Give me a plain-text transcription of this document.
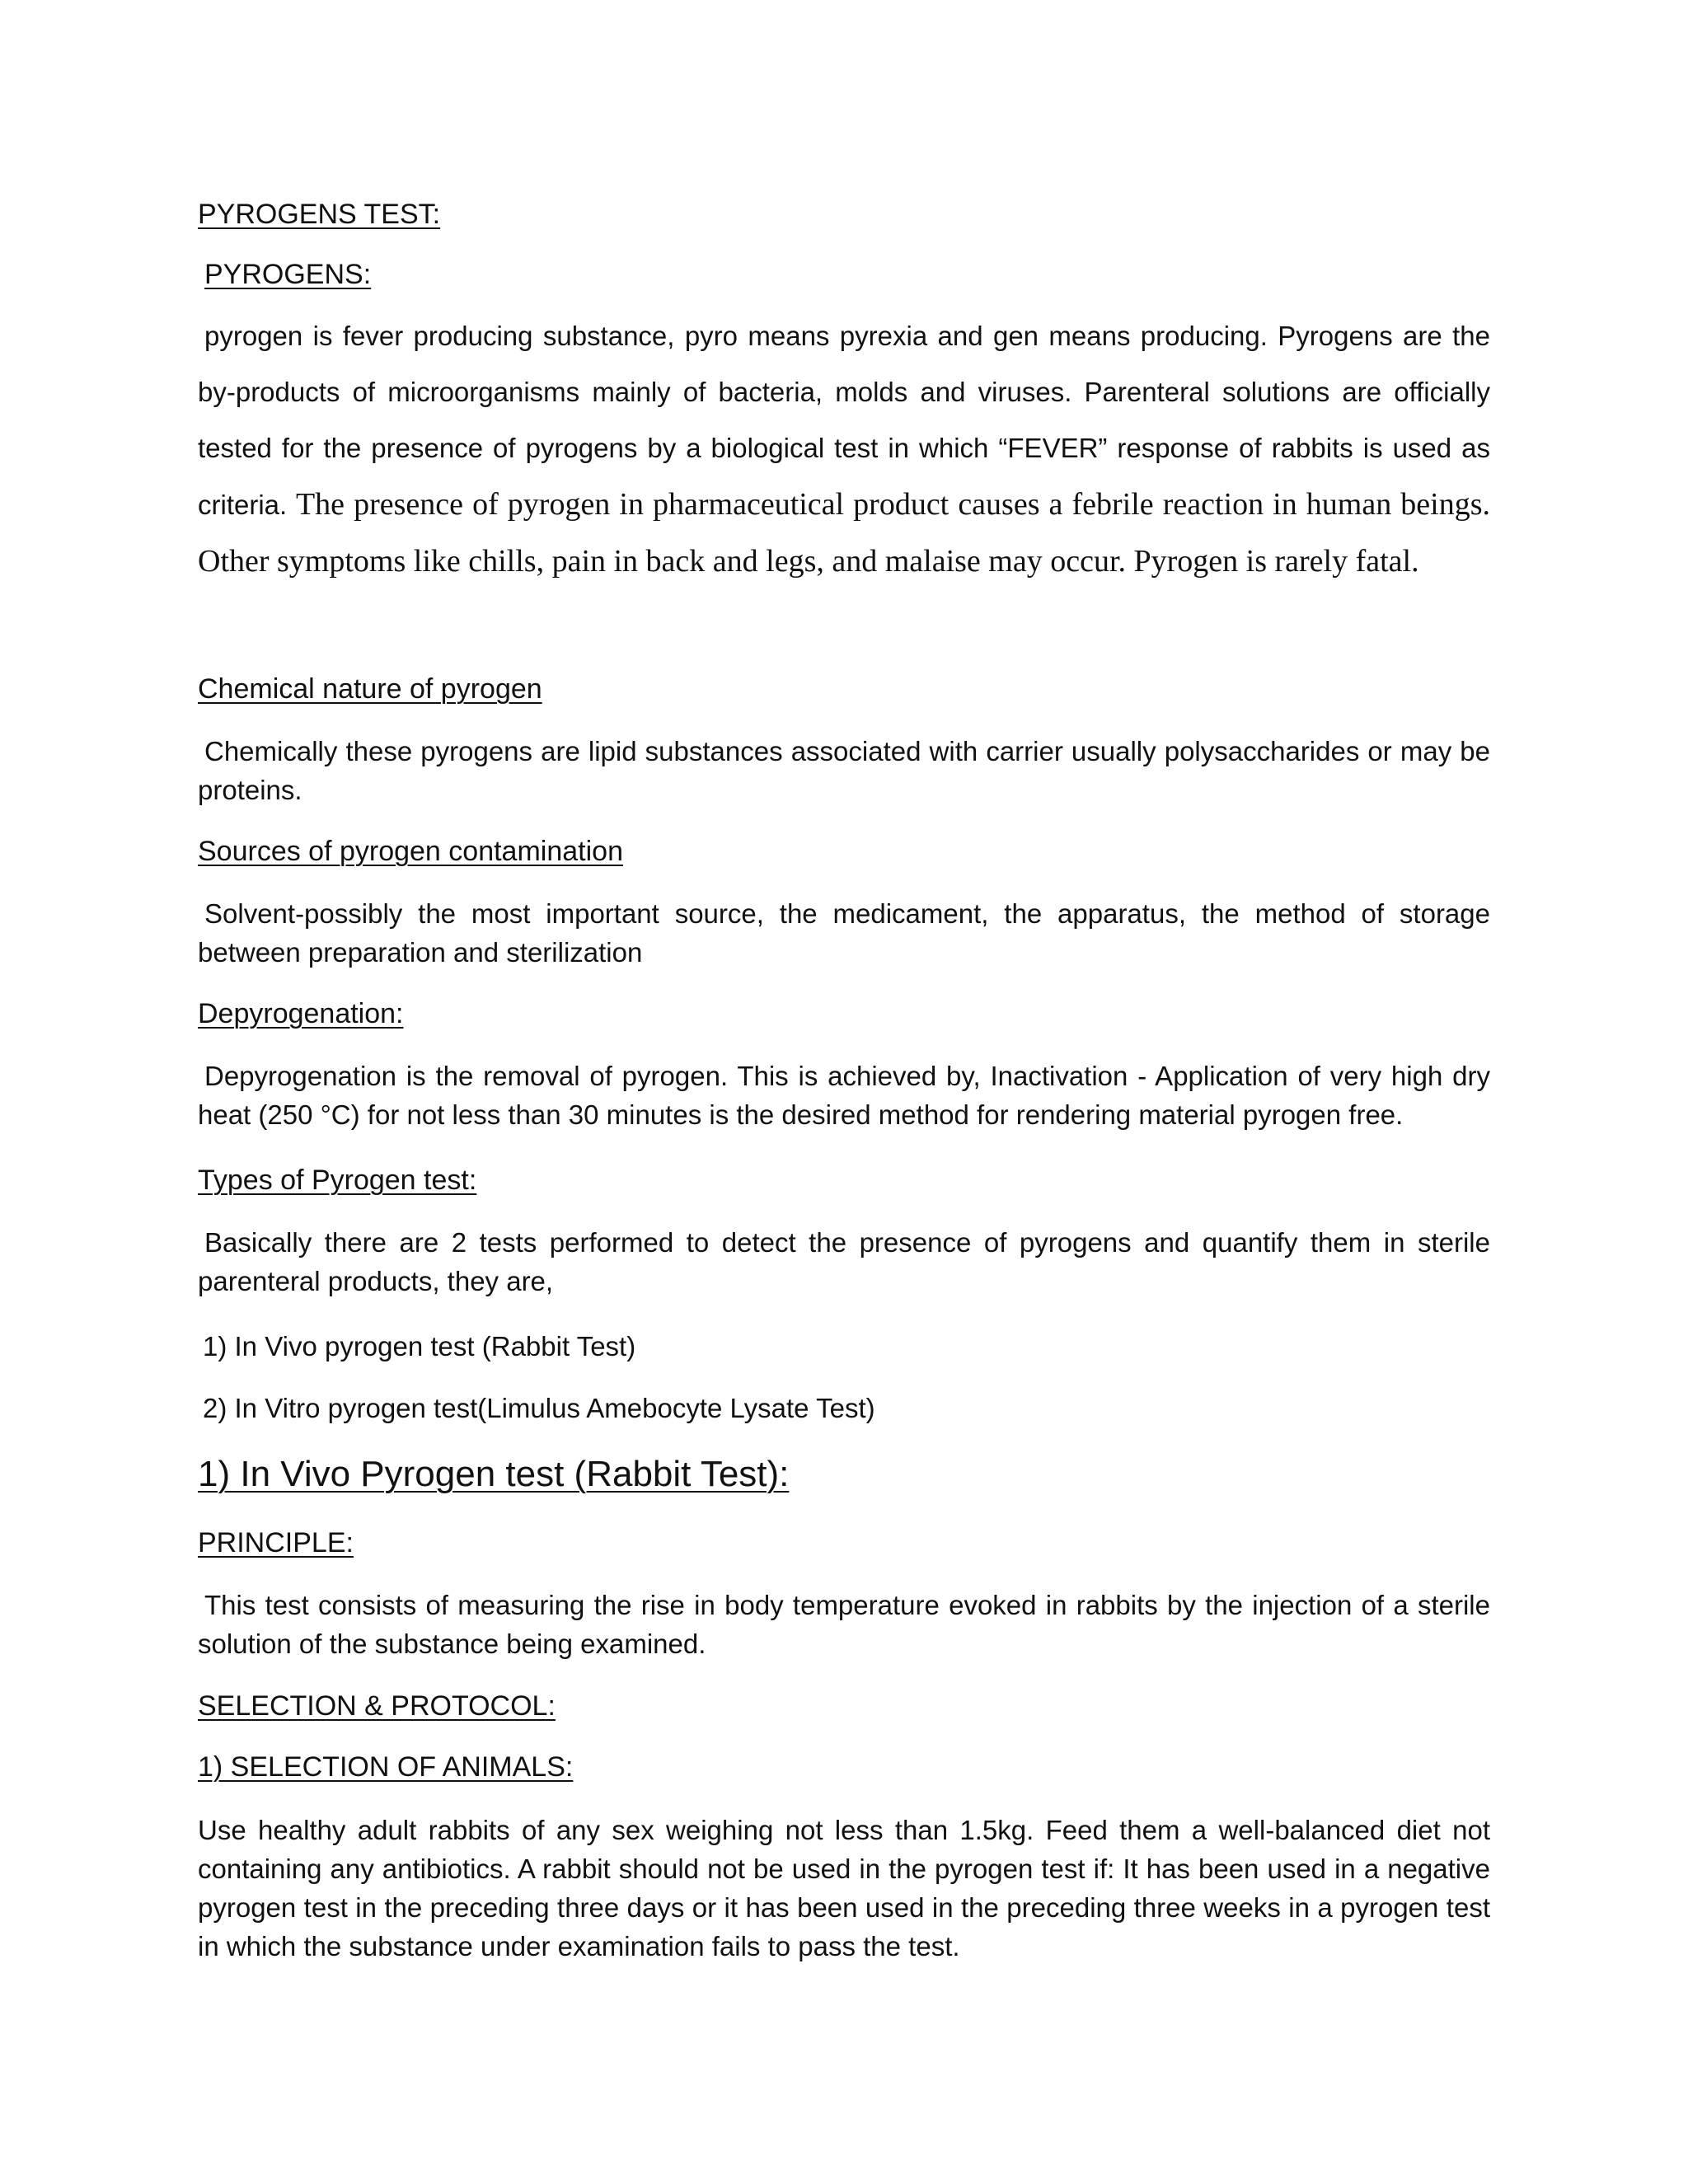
PYROGENS TEST:
PYROGENS:

pyrogen is fever producing substance, pyro means pyrexia and gen means producing. Pyrogens are the by-products of microorganisms mainly of bacteria, molds and viruses. Parenteral solutions are officially tested for the presence of pyrogens by a biological test in which “FEVER” response of rabbits is used as criteria. The presence of pyrogen in pharmaceutical product causes a febrile reaction in human beings. Other symptoms like chills, pain in back and legs, and malaise may occur. Pyrogen is rarely fatal.

Chemical nature of pyrogen

Chemically these pyrogens are lipid substances associated with carrier usually polysaccharides or may be proteins.

Sources of pyrogen contamination

Solvent-possibly the most important source, the medicament, the apparatus, the method of storage between preparation and sterilization

Depyrogenation:

Depyrogenation is the removal of pyrogen. This is achieved by, Inactivation - Application of very high dry heat (250 °C) for not less than 30 minutes is the desired method for rendering material pyrogen free.

Types of Pyrogen test:

Basically there are 2 tests performed to detect the presence of pyrogens and quantify them in sterile parenteral products, they are,

1) In Vivo pyrogen test (Rabbit Test)
2) In Vitro pyrogen test(Limulus Amebocyte Lysate Test)
1) In Vivo Pyrogen test (Rabbit Test):
PRINCIPLE:

This test consists of measuring the rise in body temperature evoked in rabbits by the injection of a sterile solution of the substance being examined.

SELECTION & PROTOCOL:
1) SELECTION OF ANIMALS:

Use healthy adult rabbits of any sex weighing not less than 1.5kg. Feed them a well-balanced diet not containing any antibiotics. A rabbit should not be used in the pyrogen test if: It has been used in a negative pyrogen test in the preceding three days or it has been used in the preceding three weeks in a pyrogen test in which the substance under examination fails to pass the test.
